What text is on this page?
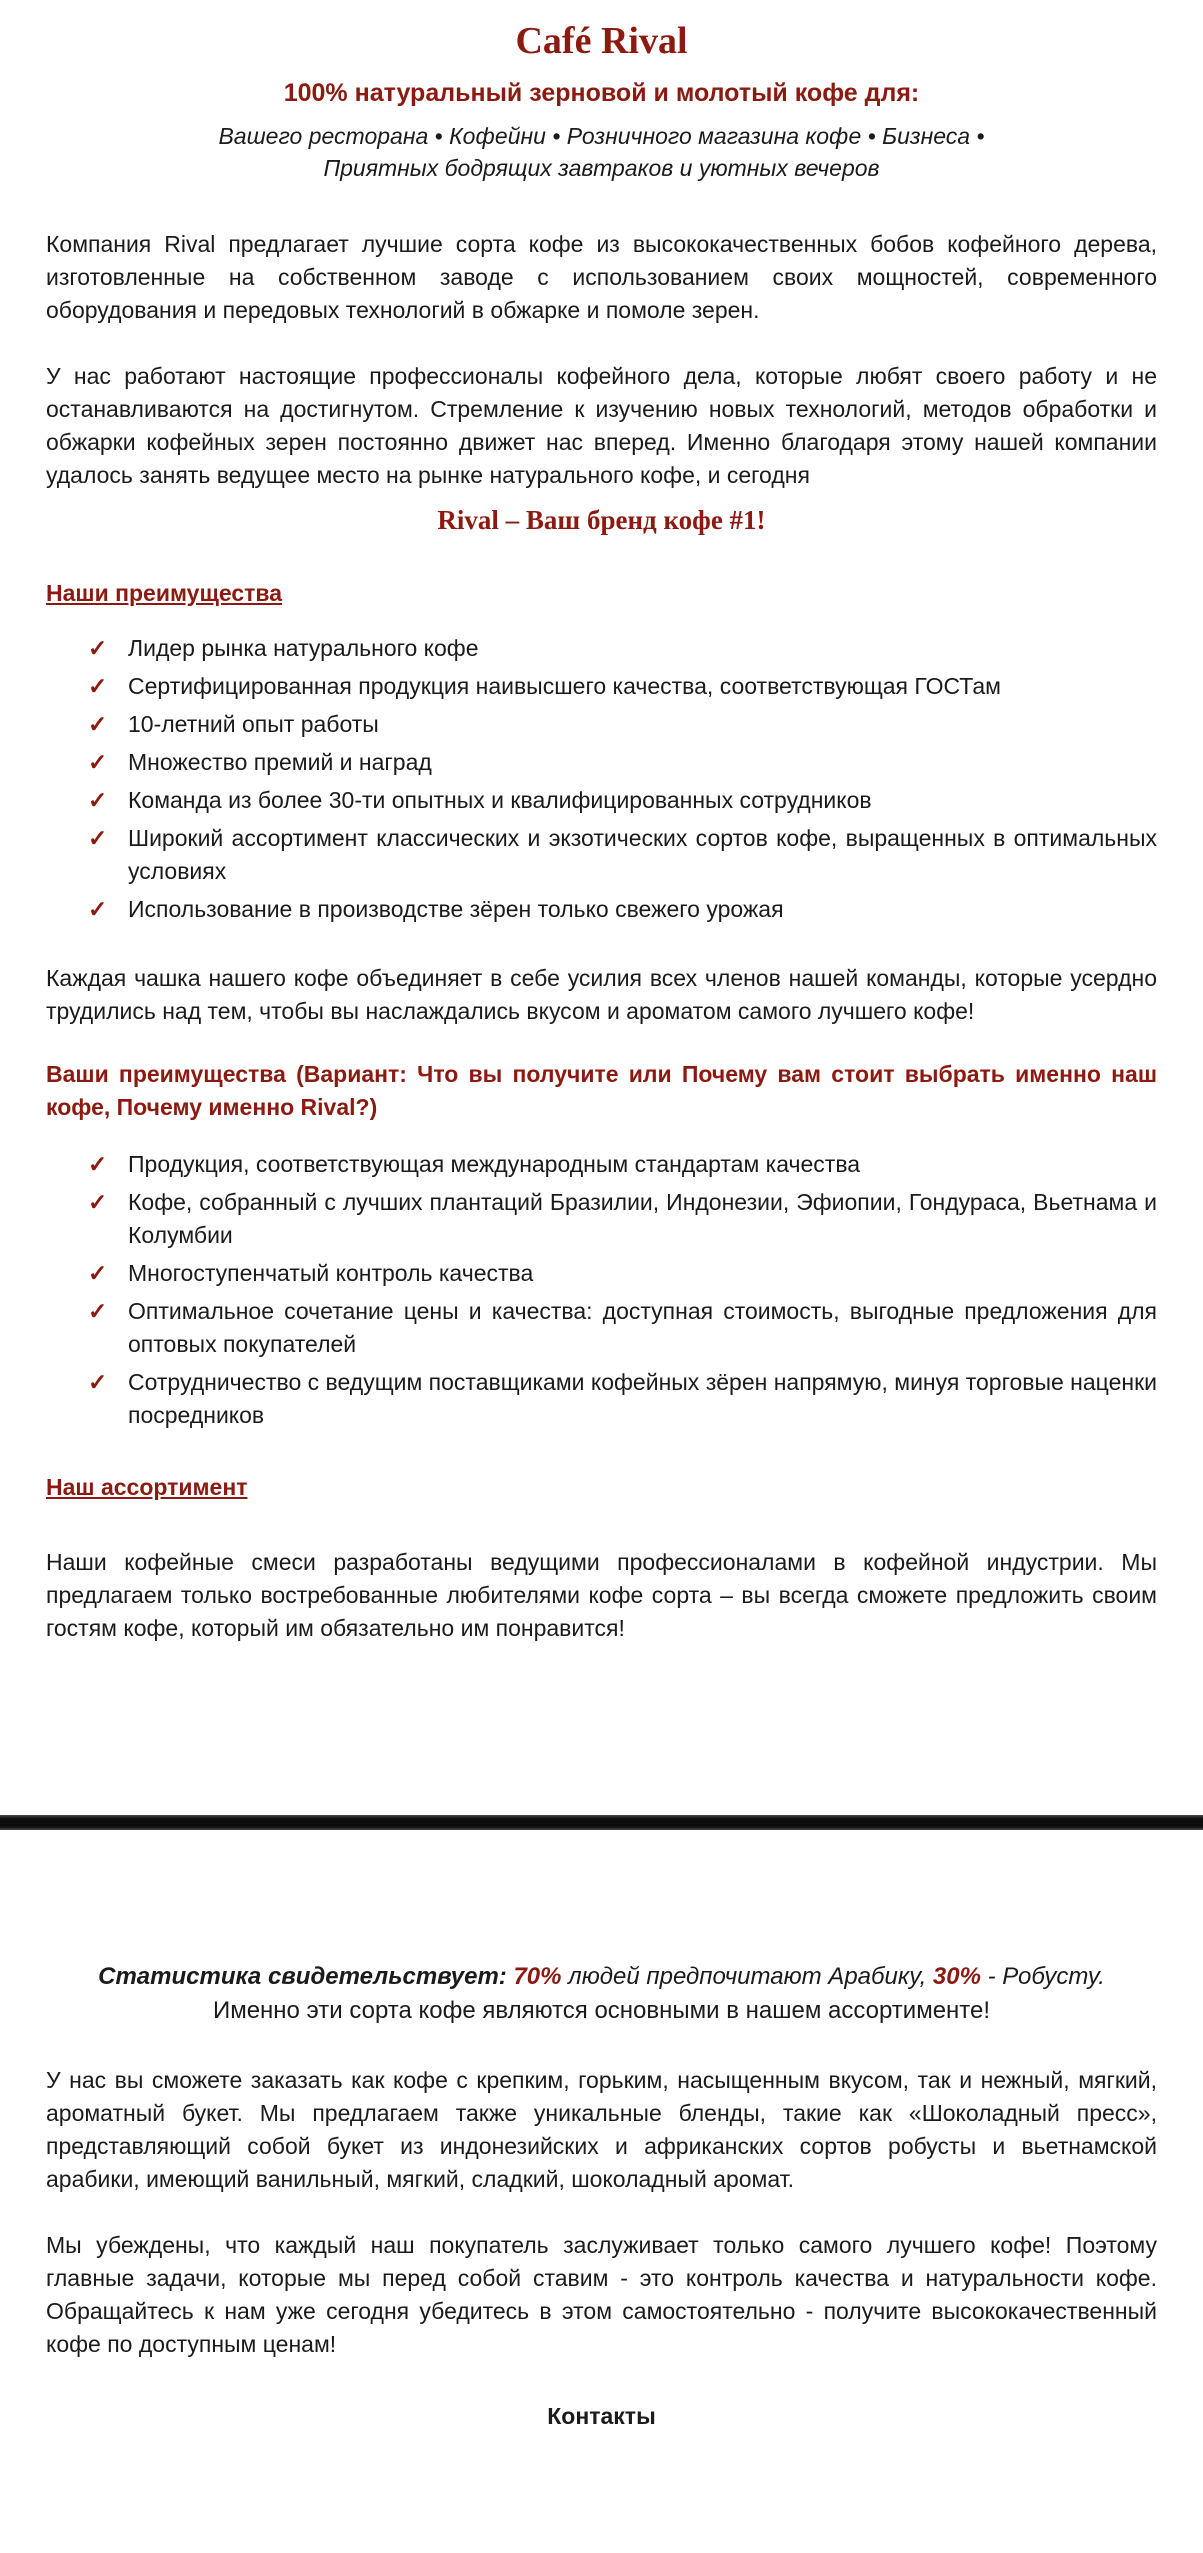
Café Rival
100% натуральный зерновой и молотый кофе для:
Вашего ресторана • Кофейни • Розничного магазина кофе • Бизнеса • Приятных бодрящих завтраков и уютных вечеров

Компания Rival предлагает лучшие сорта кофе из высококачественных бобов кофейного дерева, изготовленные на собственном заводе с использованием своих мощностей, современного оборудования и передовых технологий в обжарке и помоле зерен.

У нас работают настоящие профессионалы кофейного дела, которые любят своего работу и не останавливаются на достигнутом. Стремление к изучению новых технологий, методов обработки и обжарки кофейных зерен постоянно движет нас вперед. Именно благодаря этому нашей компании удалось занять ведущее место на рынке натурального кофе, и сегодня

Rival – Ваш бренд кофе #1!
Наши преимущества
✓ Лидер рынка натурального кофе
✓ Сертифицированная продукция наивысшего качества, соответствующая ГОСТам
✓ 10-летний опыт работы
✓ Множество премий и наград
✓ Команда из более 30-ти опытных и квалифицированных сотрудников
✓ Широкий ассортимент классических и экзотических сортов кофе, выращенных в оптимальных условиях
✓ Использование в производстве зёрен только свежего урожая

Каждая чашка нашего кофе объединяет в себе усилия всех членов нашей команды, которые усердно трудились над тем, чтобы вы наслаждались вкусом и ароматом самого лучшего кофе!

Ваши преимущества (Вариант: Что вы получите или Почему вам стоит выбрать именно наш кофе, Почему именно Rival?)
✓ Продукция, соответствующая международным стандартам качества
✓ Кофе, собранный с лучших плантаций Бразилии, Индонезии, Эфиопии, Гондураса, Вьетнама и Колумбии
✓ Многоступенчатый контроль качества
✓ Оптимальное сочетание цены и качества: доступная стоимость, выгодные предложения для оптовых покупателей
✓ Сотрудничество с ведущим поставщиками кофейных зёрен напрямую, минуя торговые наценки посредников
Наш ассортимент

Наши кофейные смеси разработаны ведущими профессионалами в кофейной индустрии. Мы предлагаем только востребованные любителями кофе сорта – вы всегда сможете предложить своим гостям кофе, который им обязательно им понравится!

Статистика свидетельствует: 70% людей предпочитают Арабику, 30% - Робусту.

Именно эти сорта кофе являются основными в нашем ассортименте!

У нас вы сможете заказать как кофе с крепким, горьким, насыщенным вкусом, так и нежный, мягкий, ароматный букет. Мы предлагаем также уникальные бленды, такие как «Шоколадный пресс», представляющий собой букет из индонезийских и африканских сортов робусты и вьетнамской арабики, имеющий ванильный, мягкий, сладкий, шоколадный аромат.

Мы убеждены, что каждый наш покупатель заслуживает только самого лучшего кофе! Поэтому главные задачи, которые мы перед собой ставим - это контроль качества и натуральности кофе. Обращайтесь к нам уже сегодня убедитесь в этом самостоятельно - получите высококачественный кофе по доступным ценам!

Контакты
